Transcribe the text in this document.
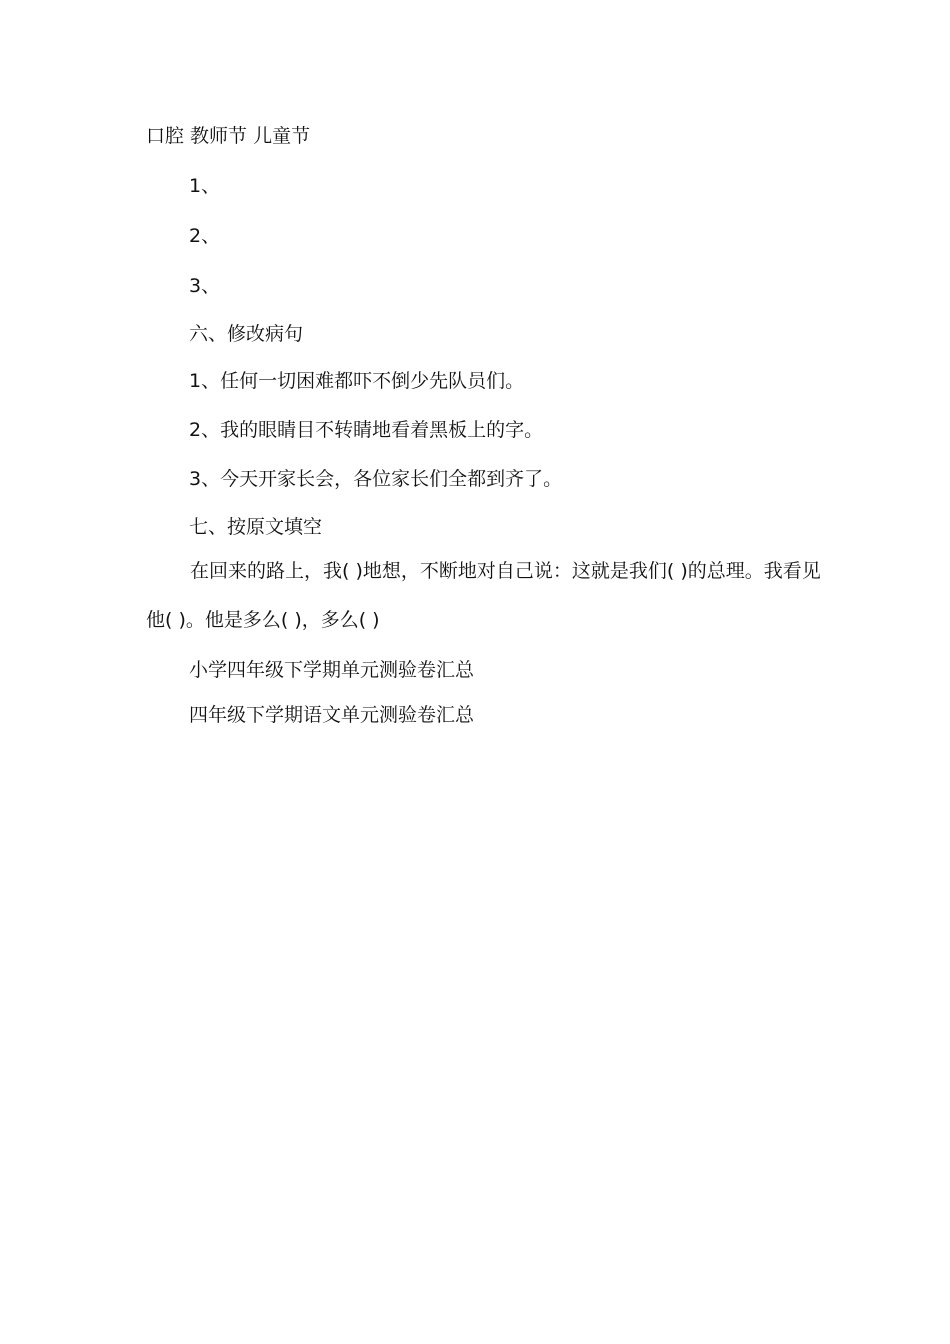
口腔 教师节 儿童节
1、
2、
3、
六、修改病句
1、任何一切困难都吓不倒少先队员们。
2、我的眼睛目不转睛地看着黑板上的字。
3、今天开家长会，各位家长们全都到齐了。
七、按原文填空
在回来的路上，我( )地想，不断地对自己说：这就是我们( )的总理。我看见他( )。他是多么( )，多么( )
小学四年级下学期单元测验卷汇总
四年级下学期语文单元测验卷汇总
